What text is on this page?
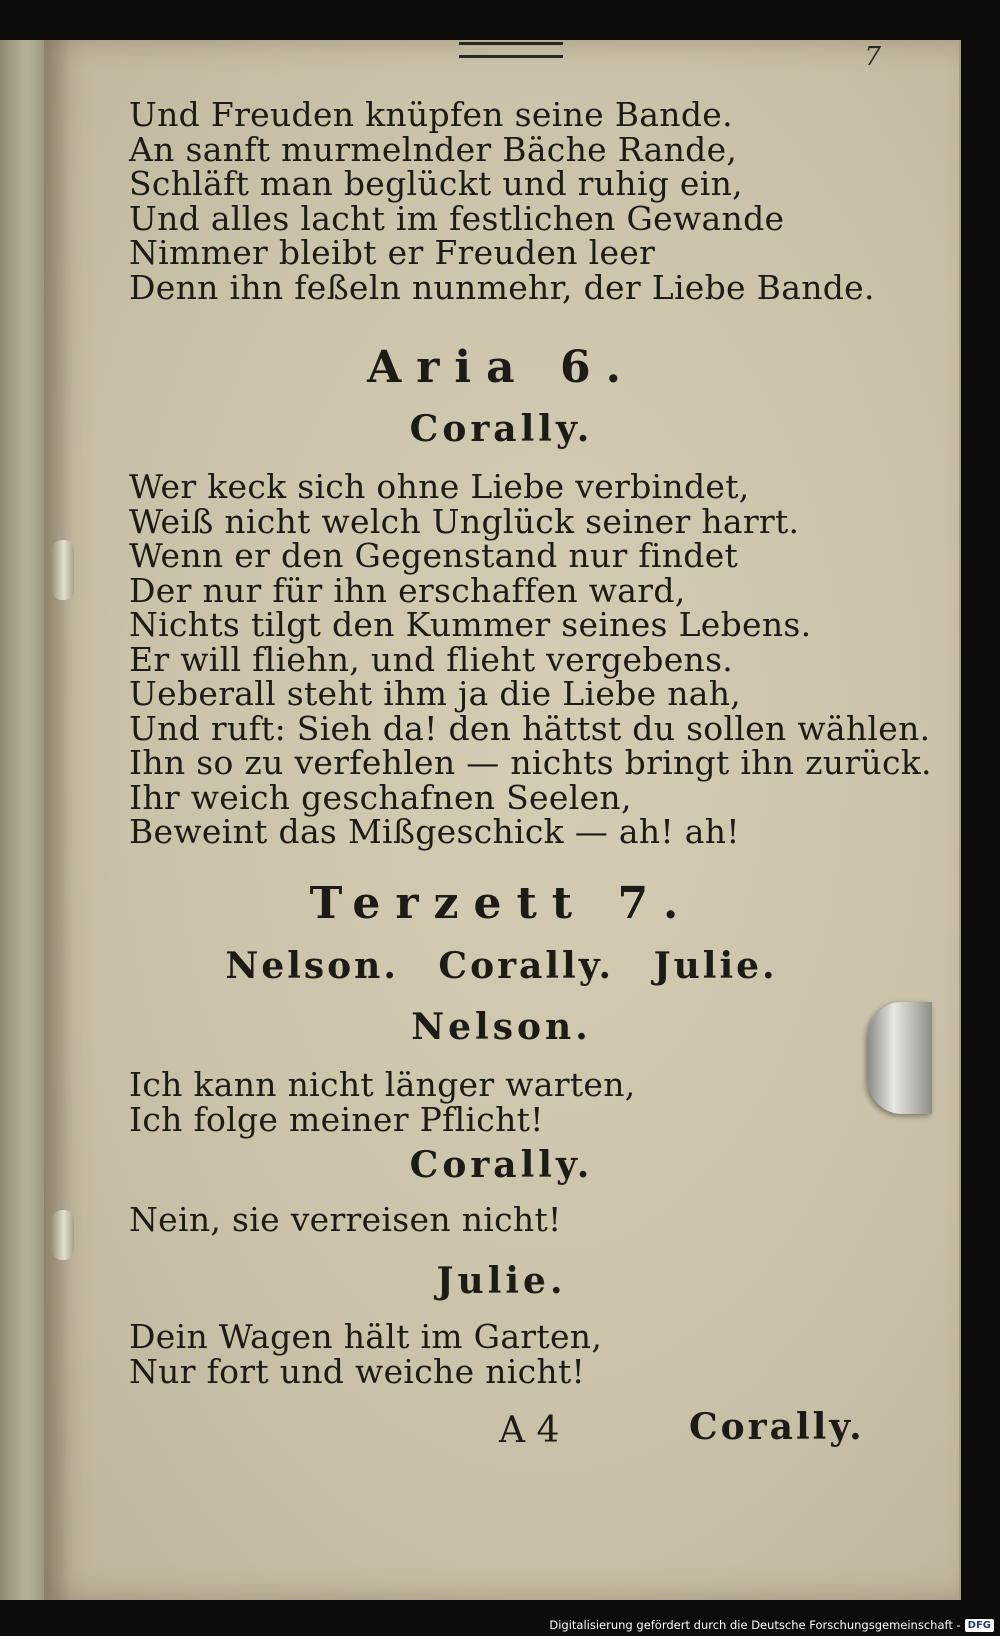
7
Und Freuden knüpfen seine Bande.
An sanft murmelnder Bäche Rande,
Schläft man beglückt und ruhig ein,
Und alles lacht im festlichen Gewande
Nimmer bleibt er Freuden leer
Denn ihn feßeln nunmehr, der Liebe Bande.
Aria 6.
Corally.
Wer keck sich ohne Liebe verbindet,
Weiß nicht welch Unglück seiner harrt.
Wenn er den Gegenstand nur findet
Der nur für ihn erschaffen ward,
Nichts tilgt den Kummer seines Lebens.
Er will fliehn, und flieht vergebens.
Ueberall steht ihm ja die Liebe nah,
Und ruft: Sieh da! den hättst du sollen wählen.
Ihn so zu verfehlen — nichts bringt ihn zurück.
Ihr weich geschafnen Seelen,
Beweint das Mißgeschick — ah! ah!
Terzett 7.
Nelson. Corally. Julie.
Nelson.
Ich kann nicht länger warten,
Ich folge meiner Pflicht!
Corally.
Nein, sie verreisen nicht!
Julie.
Dein Wagen hält im Garten,
Nur fort und weiche nicht!
A 4	Corally.
Digitalisierung gefördert durch die Deutsche Forschungsgemeinschaft - DFG
